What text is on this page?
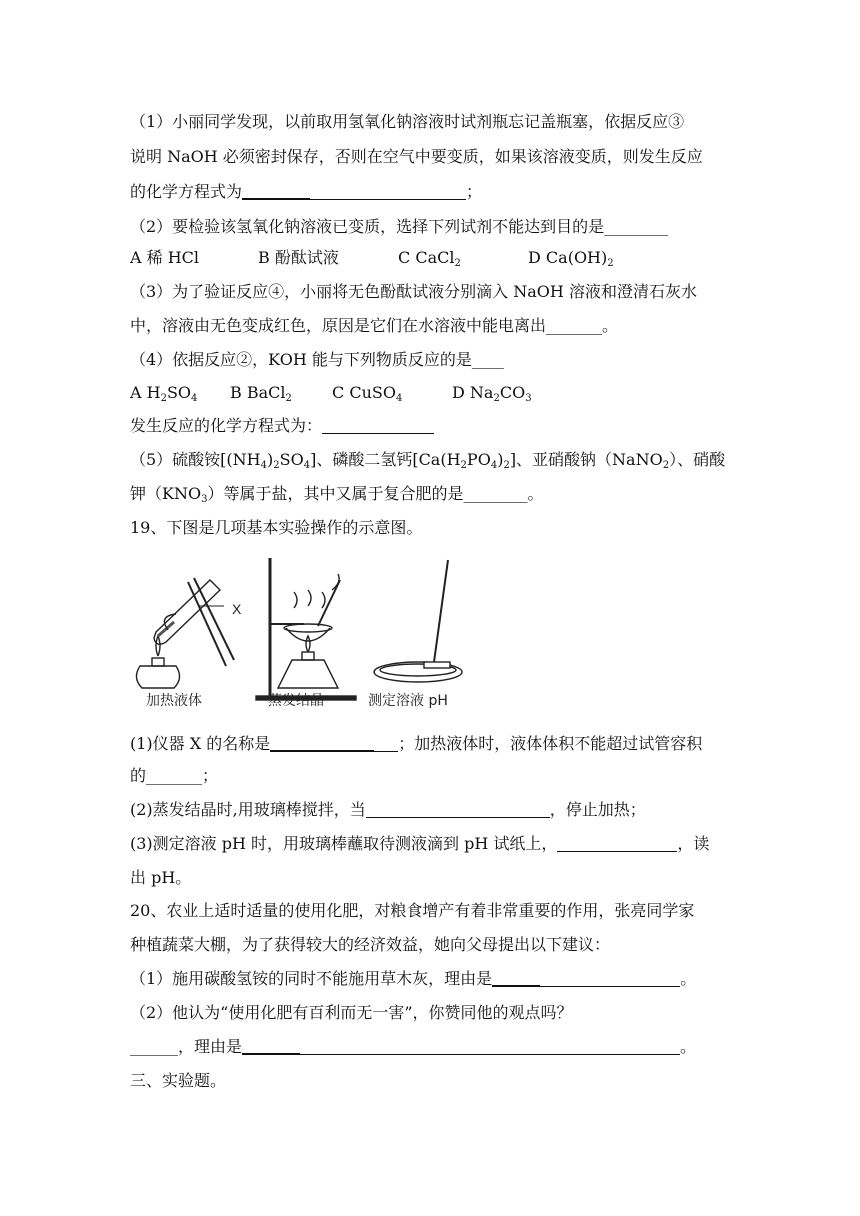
（1）小丽同学发现，以前取用氢氧化钠溶液时试剂瓶忘记盖瓶塞，依据反应③
说明 NaOH 必须密封保存，否则在空气中要变质，如果该溶液变质，则发生反应
的化学方程式为	；
（2）要检验该氢氧化钠溶液已变质，选择下列试剂不能达到目的是________
A 稀 HCl	B 酚酞试液	C CaCl$_2$	D $Ca(OH)_2$
（3）为了验证反应④，小丽将无色酚酞试液分别滴入 NaOH 溶液和澄清石灰水
中，溶液由无色变成红色，原因是它们在水溶液中能电离出_______。
（4）依据反应②，KOH 能与下列物质反应的是____
A $H_2SO_4$ B BaCl$_2$	C CuSO$_4$	D $Na_2CO_3$
发生反应的化学方程式为：
（5）硫酸铵$[(NH_4)_2SO_4]$、磷酸二氢钙$[Ca(H_2PO_4)_2]$、亚硝酸钠（NaNO$_2$）、硝酸
钾$(KNO_3)$等属于盐，其中又属于复合肥的是________。
19、下图是几项基本实验操作的示意图。
X
加热液体	蒸发结晶	测定溶液 pH
(1)仪器 X 的名称是	；加热液体时，液体体积不能超过试管容积
的_______；
(2)蒸发结晶时,用玻璃棒搅拌，当	，停止加热；
(3)测定溶液 pH 时，用玻璃棒蘸取待测液滴到 pH 试纸上，	，读
出 pH。
20、农业上适时适量的使用化肥，对粮食增产有着非常重要的作用，张亮同学家
种植蔬菜大棚，为了获得较大的经济效益，她向父母提出以下建议：
（1）施用碳酸氢铵的同时不能施用草木灰，理由是	。
（2）他认为“使用化肥有百利而无一害”，你赞同他的观点吗？
______，理由是	。
三、实验题。
